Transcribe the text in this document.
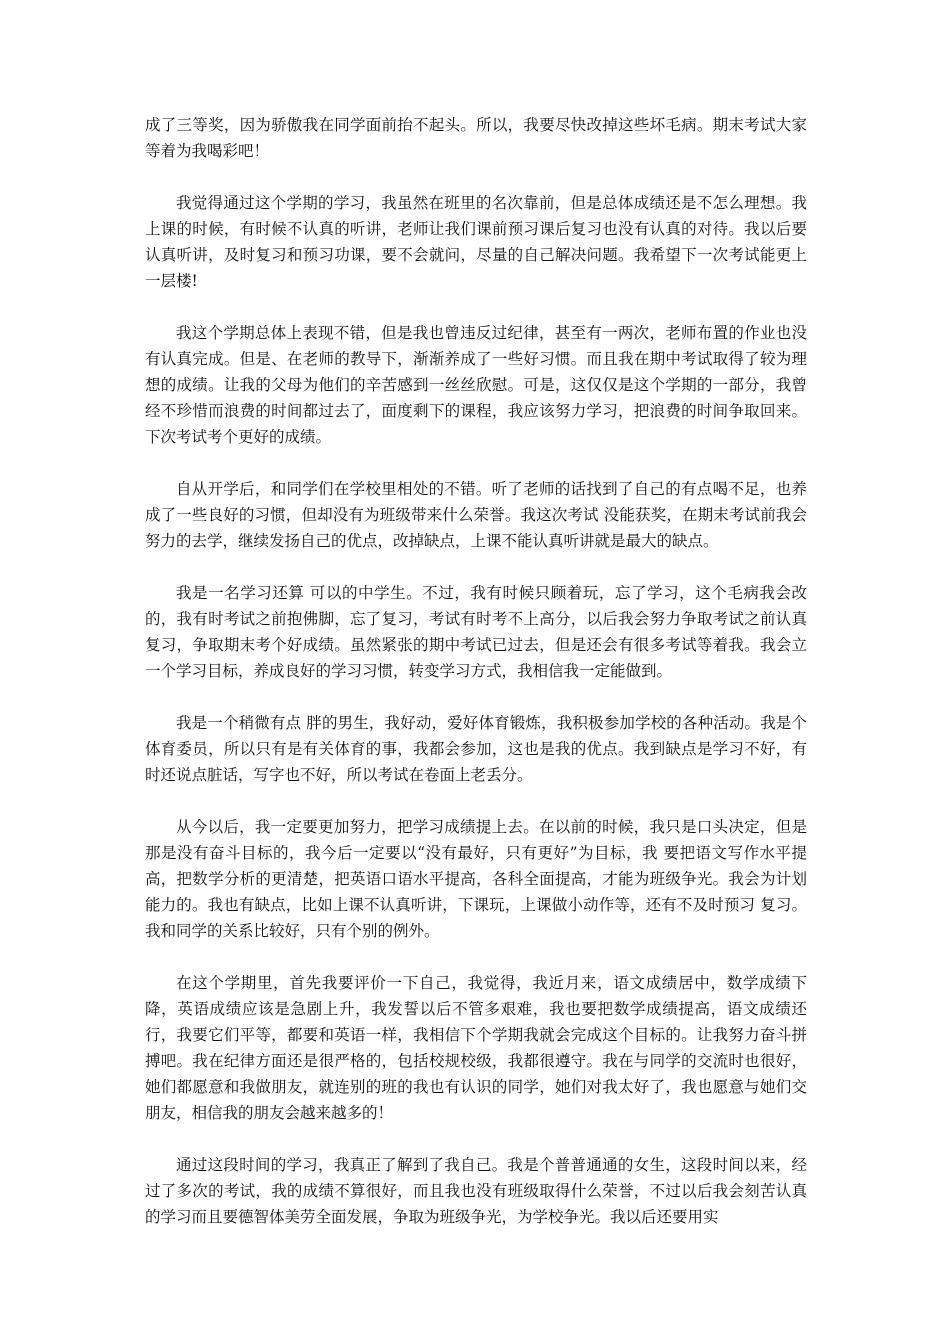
成了三等奖，因为骄傲我在同学面前抬不起头。所以，我要尽快改掉这些坏毛病。期末考试大家等着为我喝彩吧！

我觉得通过这个学期的学习，我虽然在班里的名次靠前，但是总体成绩还是不怎么理想。我上课的时候，有时候不认真的听讲，老师让我们课前预习课后复习也没有认真的对待。我以后要认真听讲，及时复习和预习功课，要不会就问，尽量的自己解决问题。我希望下一次考试能更上一层楼!

我这个学期总体上表现不错，但是我也曾违反过纪律，甚至有一两次，老师布置的作业也没有认真完成。但是、在老师的教导下，渐渐养成了一些好习惯。而且我在期中考试取得了较为理想的成绩。让我的父母为他们的辛苦感到一丝丝欣慰。可是，这仅仅是这个学期的一部分，我曾经不珍惜而浪费的时间都过去了，面度剩下的课程，我应该努力学习，把浪费的时间争取回来。下次考试考个更好的成绩。

自从开学后，和同学们在学校里相处的不错。听了老师的话找到了自己的有点喝不足，也养成了一些良好的习惯，但却没有为班级带来什么荣誉。我这次考试 没能获奖，在期末考试前我会努力的去学，继续发扬自己的优点，改掉缺点，上课不能认真听讲就是最大的缺点。

我是一名学习还算 可以的中学生。不过，我有时候只顾着玩，忘了学习，这个毛病我会改的，我有时考试之前抱佛脚，忘了复习，考试有时考不上高分，以后我会努力争取考试之前认真复习，争取期末考个好成绩。虽然紧张的期中考试已过去，但是还会有很多考试等着我。我会立一个学习目标，养成良好的学习习惯，转变学习方式，我相信我一定能做到。

我是一个稍微有点 胖的男生，我好动，爱好体育锻炼，我积极参加学校的各种活动。我是个体育委员，所以只有是有关体育的事，我都会参加，这也是我的优点。我到缺点是学习不好，有时还说点脏话，写字也不好，所以考试在卷面上老丢分。

从今以后，我一定要更加努力，把学习成绩提上去。在以前的时候，我只是口头决定，但是那是没有奋斗目标的，我今后一定要以“没有最好，只有更好”为目标，我 要把语文写作水平提高，把数学分析的更清楚，把英语口语水平提高，各科全面提高，才能为班级争光。我会为计划能力的。我也有缺点，比如上课不认真听讲，下课玩，上课做小动作等，还有不及时预习 复习。我和同学的关系比较好，只有个别的例外。

在这个学期里，首先我要评价一下自己，我觉得，我近月来，语文成绩居中，数学成绩下降，英语成绩应该是急剧上升，我发誓以后不管多艰难，我也要把数学成绩提高，语文成绩还行，我要它们平等，都要和英语一样，我相信下个学期我就会完成这个目标的。让我努力奋斗拼搏吧。我在纪律方面还是很严格的，包括校规校级，我都很遵守。我在与同学的交流时也很好，她们都愿意和我做朋友，就连别的班的我也有认识的同学，她们对我太好了，我也愿意与她们交朋友，相信我的朋友会越来越多的！

通过这段时间的学习，我真正了解到了我自己。我是个普普通通的女生，这段时间以来，经过了多次的考试，我的成绩不算很好，而且我也没有班级取得什么荣誉，不过以后我会刻苦认真的学习而且要德智体美劳全面发展，争取为班级争光，为学校争光。我以后还要用实
